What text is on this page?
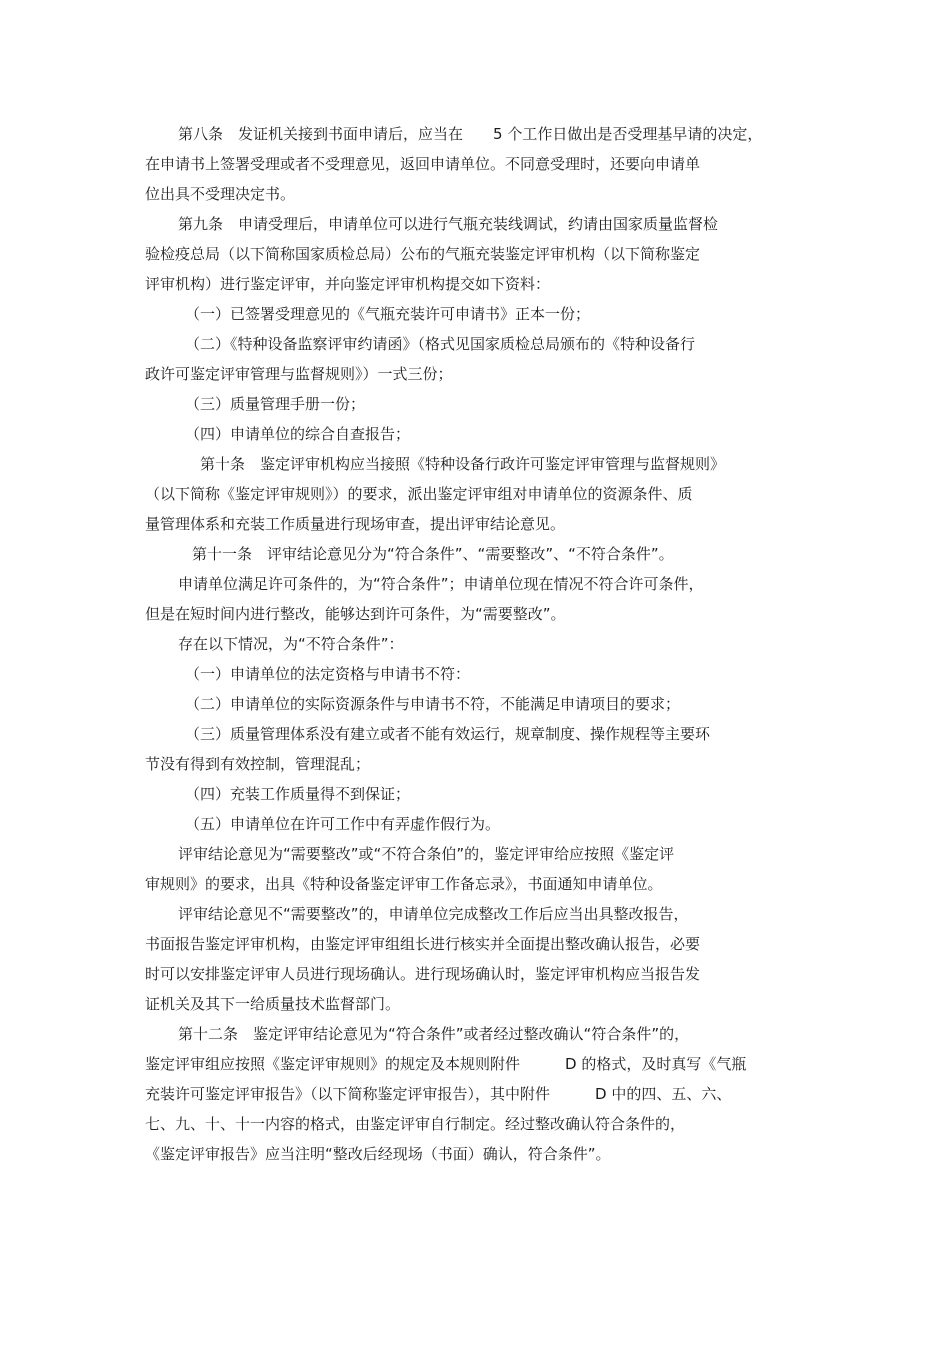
第八条　发证机关接到书面申请后，应当在　　5 个工作日做出是否受理基早请的决定，
在申请书上签署受理或者不受理意见，返回申请单位。不同意受理时，还要向申请单
位出具不受理决定书。
第九条　申请受理后，申请单位可以进行气瓶充装线调试，约请由国家质量监督检
验检疫总局（以下简称国家质检总局）公布的气瓶充装鉴定评审机构（以下简称鉴定
评审机构）进行鉴定评审，并向鉴定评审机构提交如下资料：
（一）已签署受理意见的《气瓶充装许可申请书》正本一份；
（二）《特种设备监察评审约请函》（格式见国家质检总局颁布的《特种设备行
政许可鉴定评审管理与监督规则》）一式三份；
（三）质量管理手册一份；
（四）申请单位的综合自查报告；
第十条　鉴定评审机构应当接照《特种设备行政许可鉴定评审管理与监督规则》
（以下简称《鉴定评审规则》）的要求，派出鉴定评审组对申请单位的资源条件、质
量管理体系和充装工作质量进行现场审查，提出评审结论意见。
第十一条　评审结论意见分为“符合条件”、“需要整改”、“不符合条件”。
申请单位满足许可条件的，为“符合条件”；申请单位现在情况不符合许可条件，
但是在短时间内进行整改，能够达到许可条件，为“需要整改”。
存在以下情况，为“不符合条件”：
（一）申请单位的法定资格与申请书不符：
（二）申请单位的实际资源条件与申请书不符，不能满足申请项目的要求；
（三）质量管理体系没有建立或者不能有效运行，规章制度、操作规程等主要环
节没有得到有效控制，管理混乱；
（四）充装工作质量得不到保证；
（五）申请单位在许可工作中有弄虚作假行为。
评审结论意见为“需要整改”或“不符合条伯”的，鉴定评审给应按照《鉴定评
审规则》的要求，出具《特种设备鉴定评审工作备忘录》，书面通知申请单位。
评审结论意见不“需要整改”的，申请单位完成整改工作后应当出具整改报告，
书面报告鉴定评审机构，由鉴定评审组组长进行核实并全面提出整改确认报告，必要
时可以安排鉴定评审人员进行现场确认。进行现场确认时，鉴定评审机构应当报告发
证机关及其下一给质量技术监督部门。
第十二条　鉴定评审结论意见为“符合条件”或者经过整改确认“符合条件”的，
鉴定评审组应按照《鉴定评审规则》的规定及本规则附件　　　D 的格式，及时真写《气瓶
充装许可鉴定评审报告》（以下简称鉴定评审报告），其中附件　　　D 中的四、五、六、
七、九、十、十一内容的格式，由鉴定评审自行制定。经过整改确认符合条件的，
《鉴定评审报告》应当注明“整改后经现场（书面）确认，符合条件”。
